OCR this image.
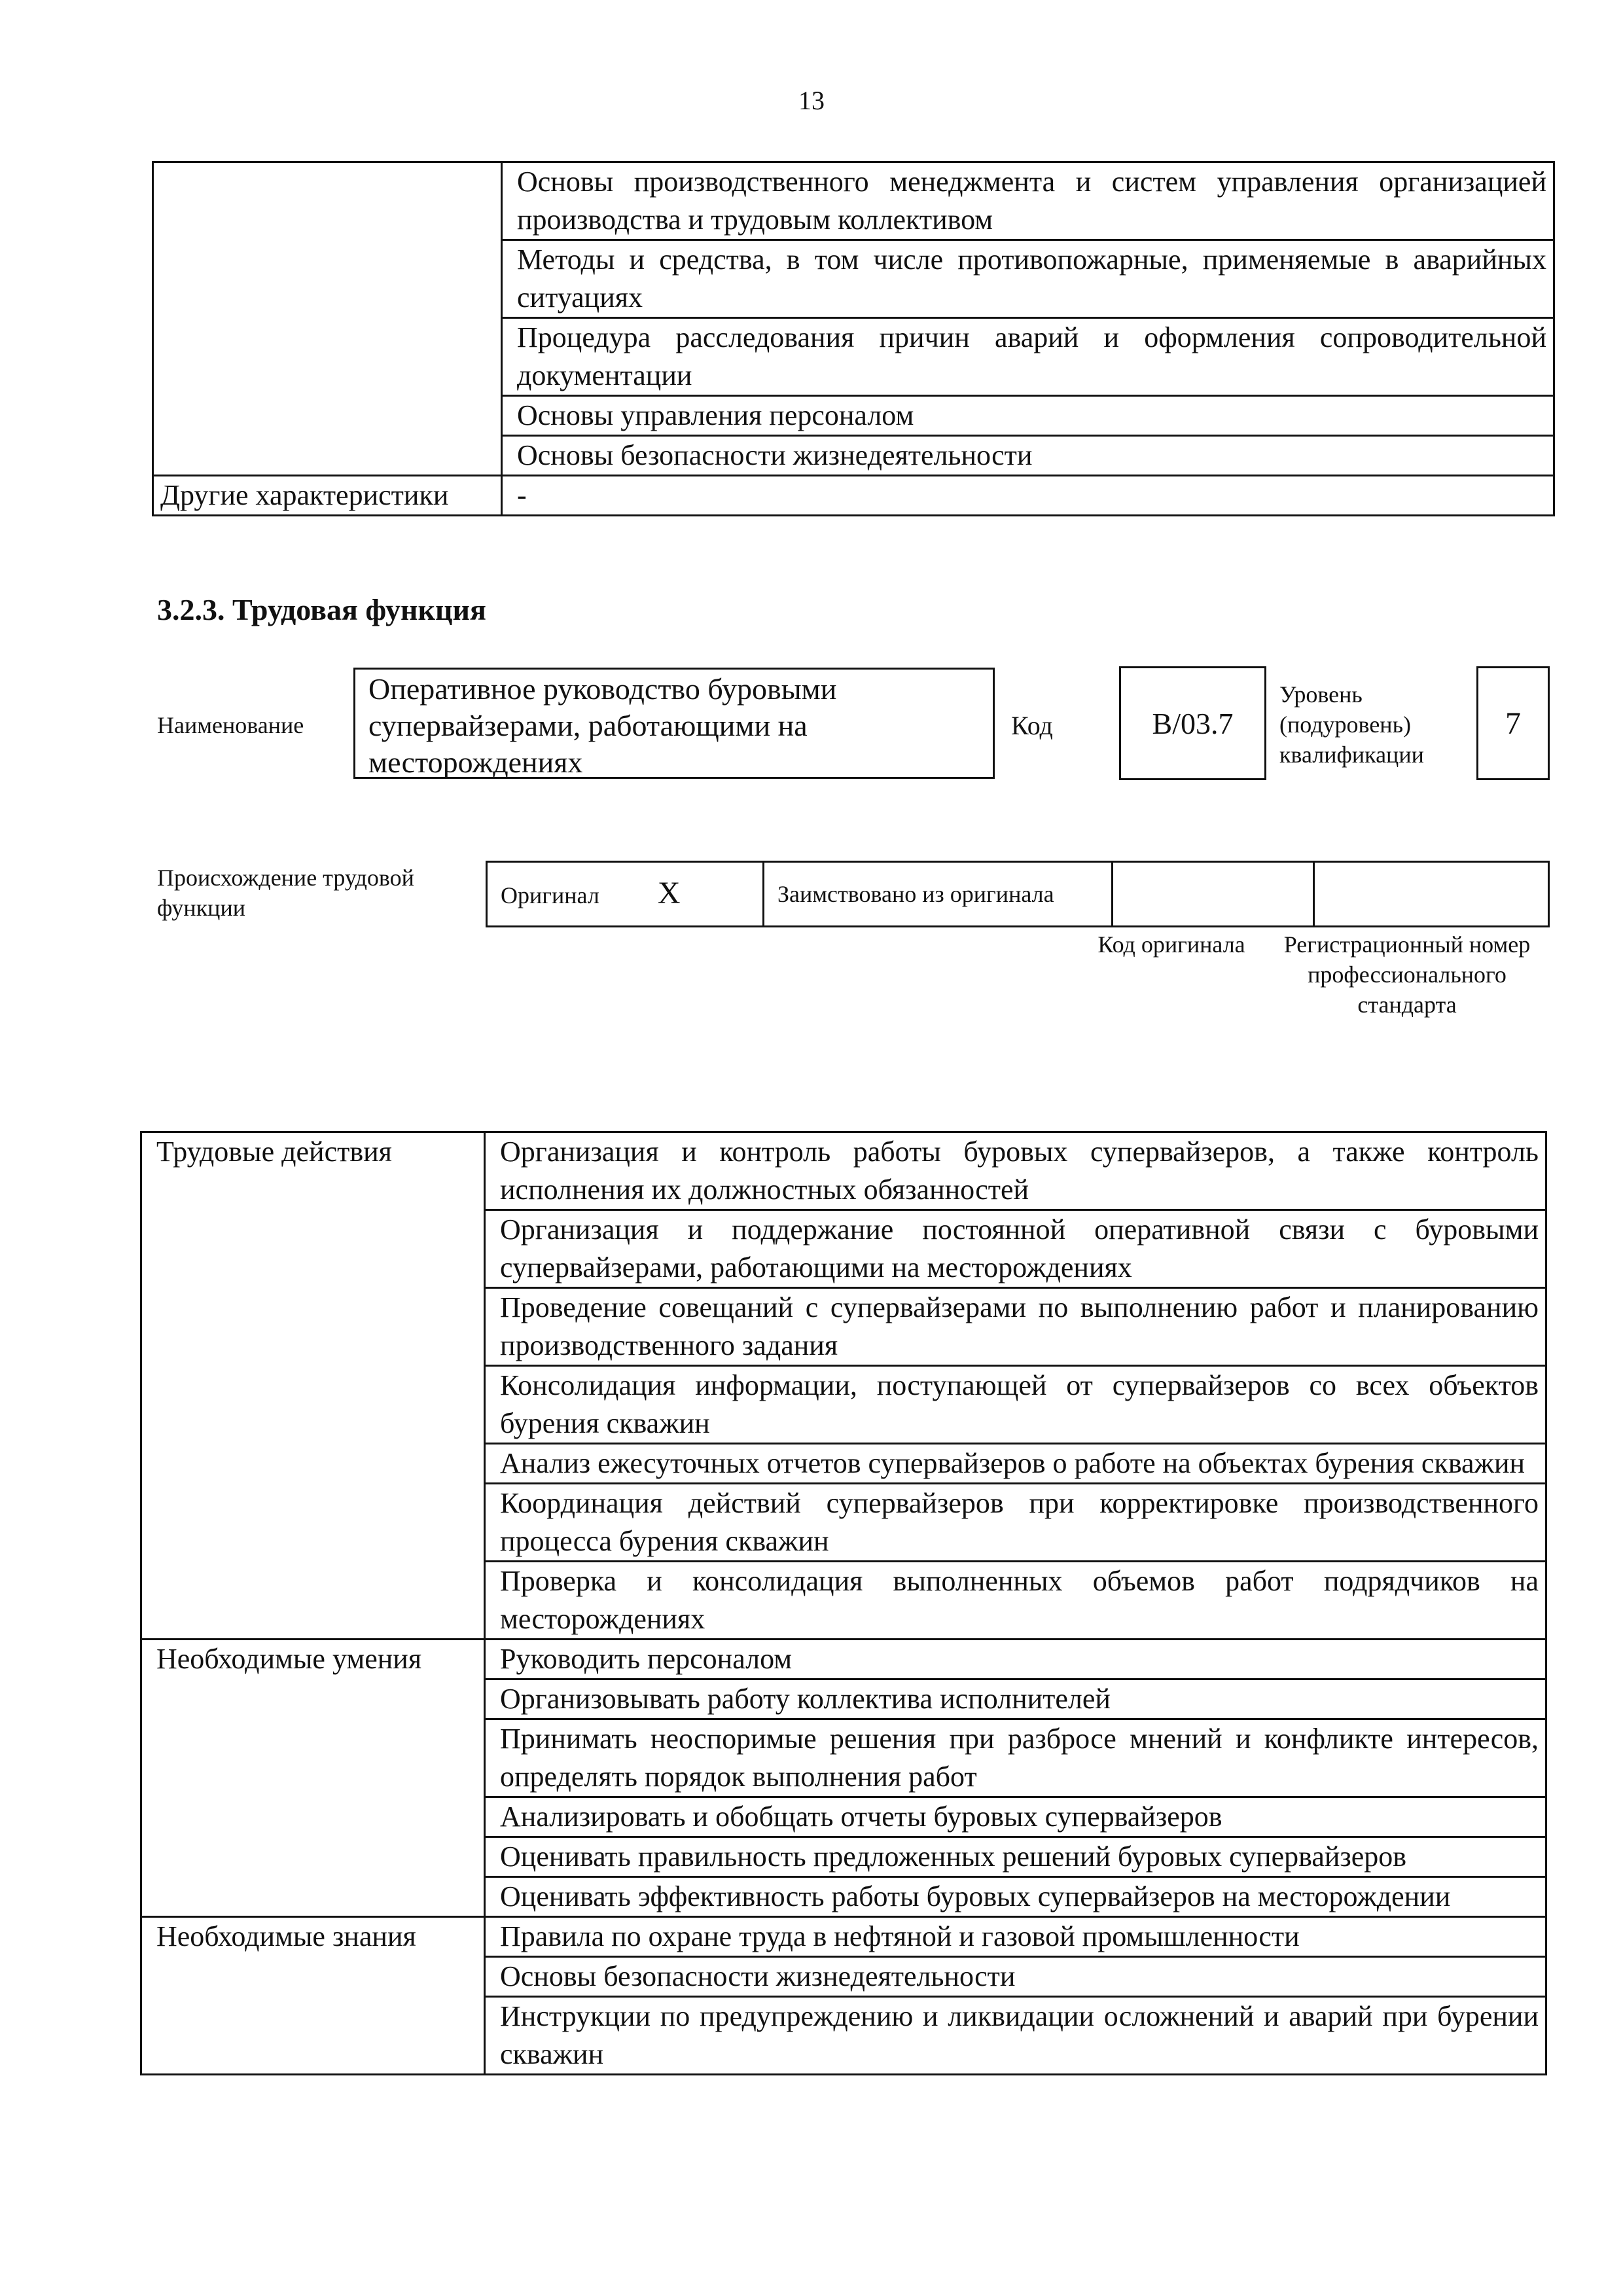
13
	Основы производственного менеджмента и систем управления организацией производства и трудовым коллективом
	Методы и средства, в том числе противопожарные, применяемые в аварийных ситуациях
	Процедура расследования причин аварий и оформления сопроводительной документации
	Основы управления персоналом
	Основы безопасности жизнедеятельности
Другие характеристики	-
3.2.3. Трудовая функция
Наименование
Оперативное руководство буровыми супервайзерами, работающими на месторождениях
Код	B/03.7
Уровень (подуровень) квалификации
7
Происхождение трудовой функции	Оригинал X	Заимствовано из оригинала		
Код оригинала	Регистрационный номер профессионального стандарта
Трудовые действия	Организация и контроль работы буровых супервайзеров, а также контроль исполнения их должностных обязанностей
	Организация и поддержание постоянной оперативной связи с буровыми супервайзерами, работающими на месторождениях
	Проведение совещаний с супервайзерами по выполнению работ и планированию производственного задания
	Консолидация информации, поступающей от супервайзеров со всех объектов бурения скважин
	Анализ ежесуточных отчетов супервайзеров о работе на объектах бурения скважин
	Координация действий супервайзеров при корректировке производственного процесса бурения скважин
	Проверка и консолидация выполненных объемов работ подрядчиков на месторождениях
Необходимые умения	Руководить персоналом
	Организовывать работу коллектива исполнителей
	Принимать неоспоримые решения при разбросе мнений и конфликте интересов, определять порядок выполнения работ
	Анализировать и обобщать отчеты буровых супервайзеров
	Оценивать правильность предложенных решений буровых супервайзеров
	Оценивать эффективность работы буровых супервайзеров на месторождении
Необходимые знания	Правила по охране труда в нефтяной и газовой промышленности
	Основы безопасности жизнедеятельности
	Инструкции по предупреждению и ликвидации осложнений и аварий при бурении скважин
